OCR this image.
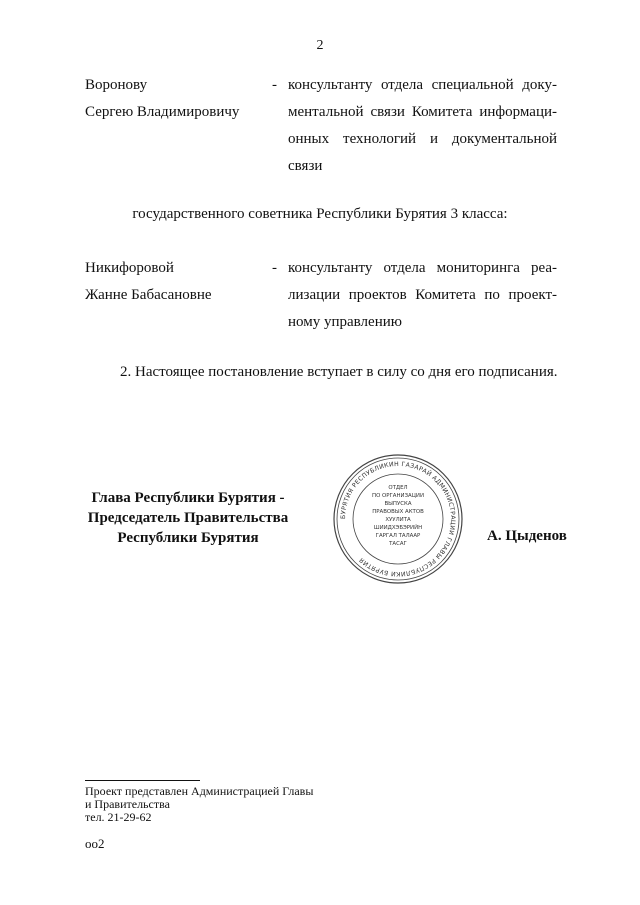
2
Воронову
Сергею Владимировичу
- консультанту отдела специальной доку-
ментальной связи Комитета информаци-
онных технологий и документальной
связи
государственного советника Республики Бурятия 3 класса:
Никифоровой
Жанне Бабасановне
- консультанту отдела мониторинга реа-
лизации проектов Комитета по проект-
ному управлению
2. Настоящее постановление вступает в силу со дня его подписания.
Глава Республики Бурятия -
Председатель Правительства
Республики Бурятия
БУРЯТИЯ РЕСПУБЛИКИН ГАЗАРАЙ АДМИНИСТРАЦИИ ГЛАВЫ РЕСПУБЛИКИ БУРЯТИЯ
ОТДЕЛ
ПО ОРГАНИЗАЦИИ
ВЫПУСКА
ПРАВОВЫХ АКТОВ
ХУУЛИТА
ШИИДХЭБЭРИЙН
ГАРГАЛ ТАЛААР
ТАСАГ	А. Цыденов
Проект представлен Администрацией Главы
и Правительства
тел. 21-29-62
oo2
